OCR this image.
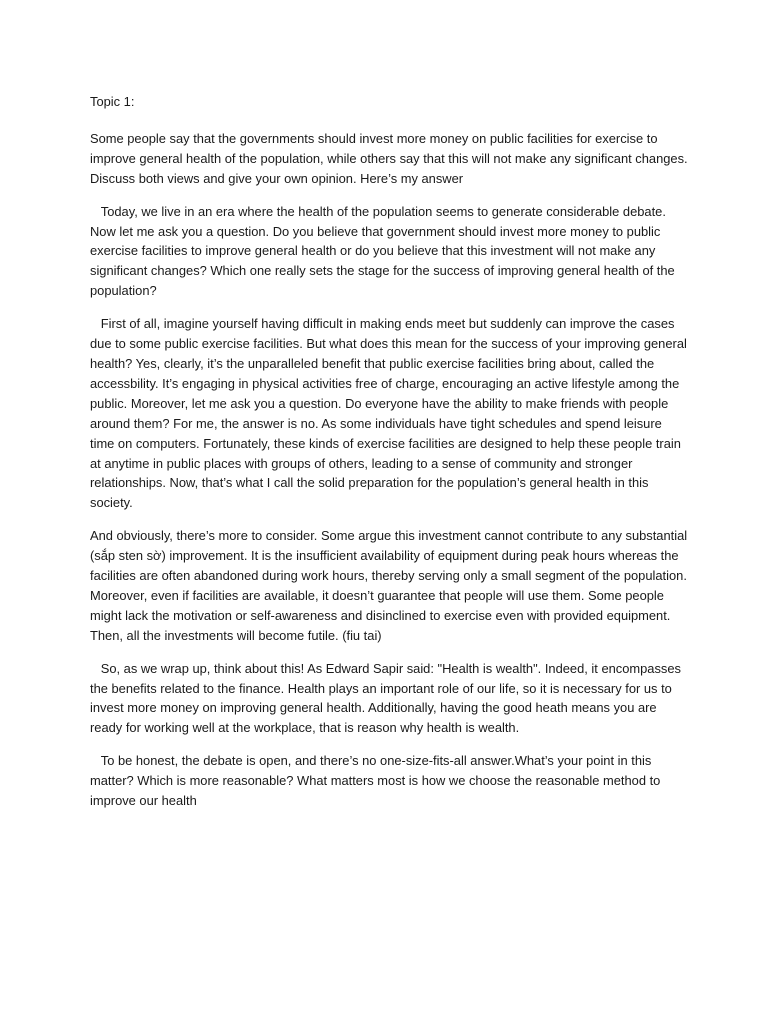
Topic 1:

Some people say that the governments should invest more money on public facilities for exercise to improve general health of the population, while others say that this will not make any significant changes. Discuss both views and give your own opinion. Here’s my answer

Today, we live in an era where the health of the population seems to generate considerable debate. Now let me ask you a question. Do you believe that government should invest more money to public exercise facilities to improve general health or do you believe that this investment will not make any significant changes? Which one really sets the stage for the success of improving general health of the population?

First of all, imagine yourself having difficult in making ends meet but suddenly can improve the cases due to some public exercise facilities. But what does this mean for the success of your improving general health? Yes, clearly, it’s the unparalleled benefit that public exercise facilities bring about, called the accessbility. It’s engaging in physical activities free of charge, encouraging an active lifestyle among the public. Moreover, let me ask you a question. Do everyone have the ability to make friends with people around them? For me, the answer is no. As some individuals have tight schedules and spend leisure time on computers. Fortunately, these kinds of exercise facilities are designed to help these people train at anytime in public places with groups of others, leading to a sense of community and stronger relationships. Now, that’s what I call the solid preparation for the population’s general health in this society.

And obviously, there’s more to consider. Some argue this investment cannot contribute to any substantial (sắp sten sờ) improvement. It is the insufficient availability of equipment during peak hours whereas the facilities are often abandoned during work hours, thereby serving only a small segment of the population. Moreover, even if facilities are available, it doesn’t guarantee that people will use them. Some people might lack the motivation or self-awareness and disinclined to exercise even with provided equipment. Then, all the investments will become futile. (fiu tai)

So, as we wrap up, think about this! As Edward Sapir said: "Health is wealth". Indeed, it encompasses the benefits related to the finance. Health plays an important role of our life, so it is necessary for us to invest more money on improving general health. Additionally, having the good heath means you are ready for working well at the workplace, that is reason why health is wealth.

To be honest, the debate is open, and there’s no one-size-fits-all answer.What’s your point in this matter? Which is more reasonable? What matters most is how we choose the reasonable method to improve our health
